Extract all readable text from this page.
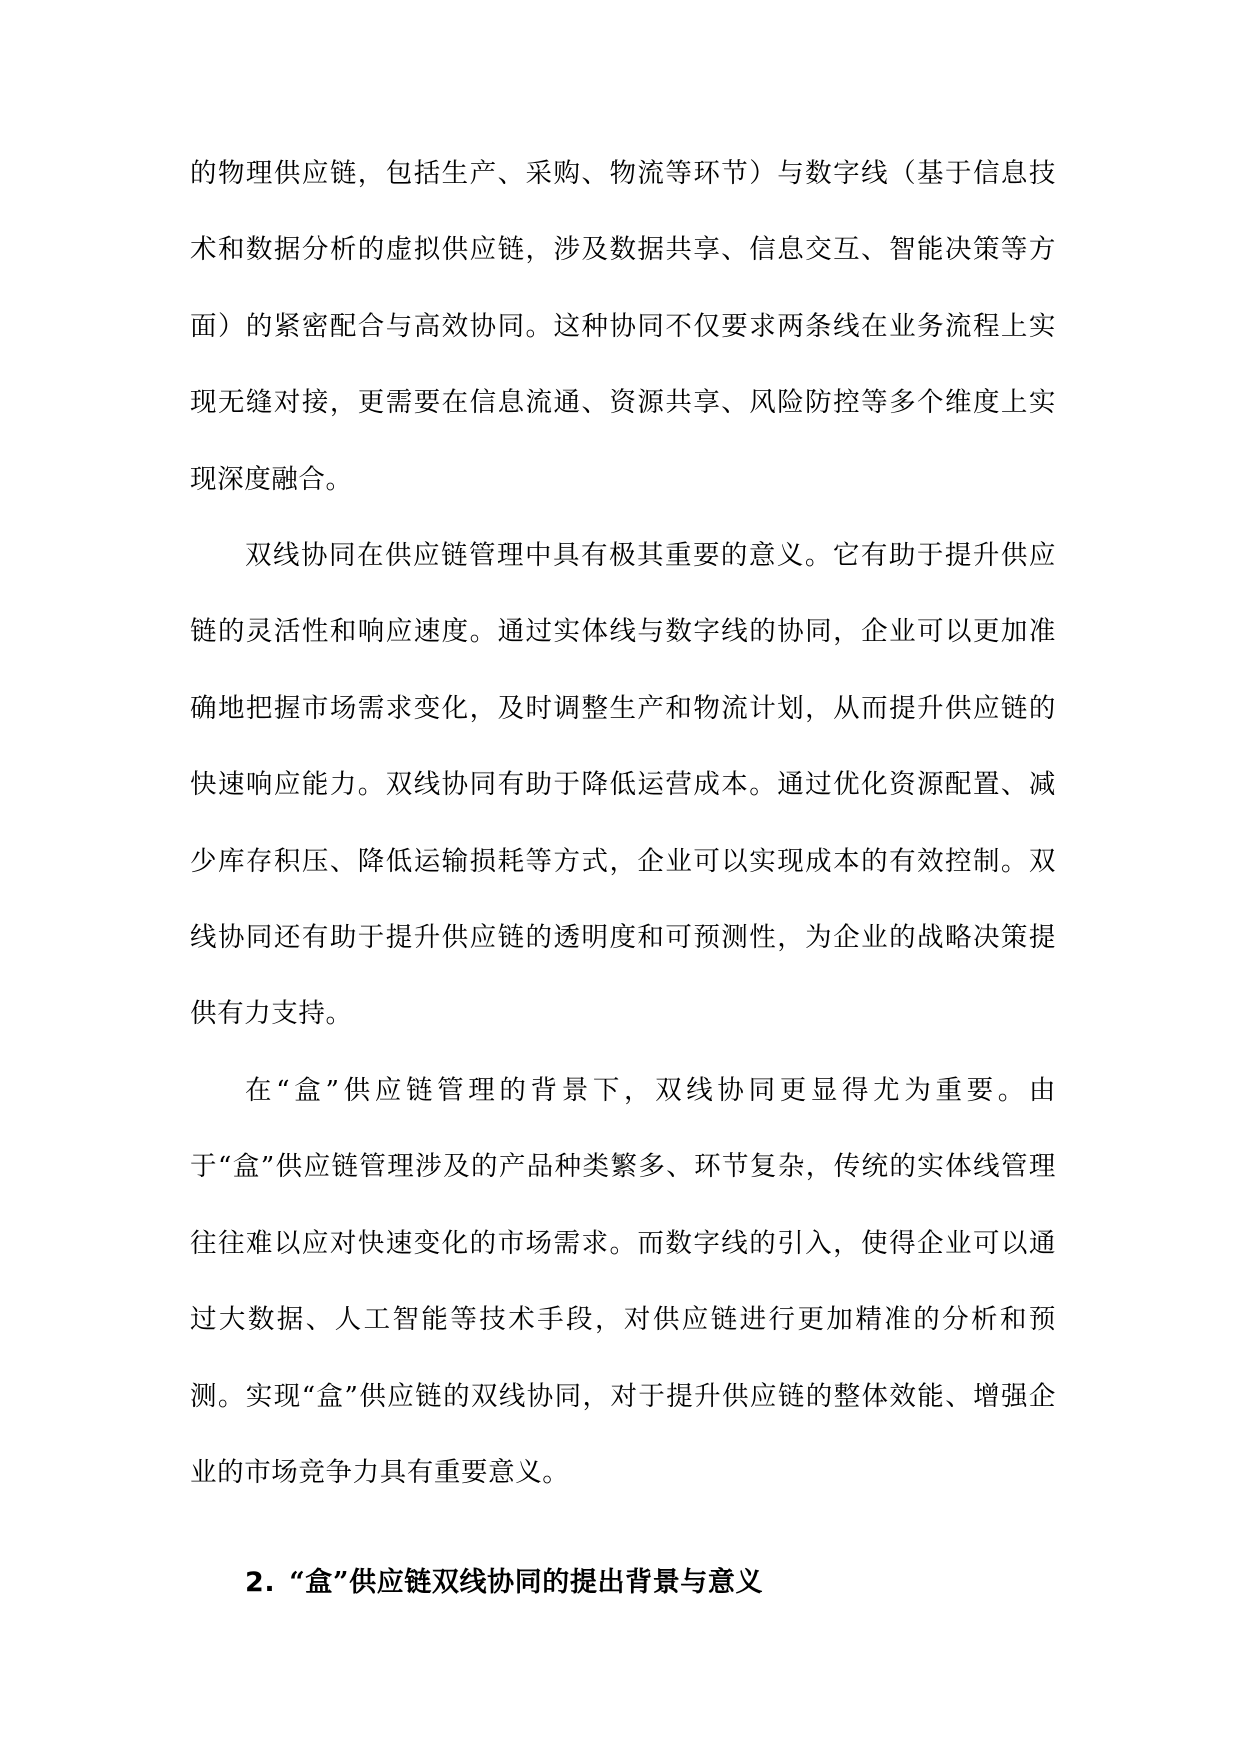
的物理供应链，包括生产、采购、物流等环节）与数字线（基于信息技术和数据分析的虚拟供应链，涉及数据共享、信息交互、智能决策等方面）的紧密配合与高效协同。这种协同不仅要求两条线在业务流程上实现无缝对接，更需要在信息流通、资源共享、风险防控等多个维度上实现深度融合。

双线协同在供应链管理中具有极其重要的意义。它有助于提升供应链的灵活性和响应速度。通过实体线与数字线的协同，企业可以更加准确地把握市场需求变化，及时调整生产和物流计划，从而提升供应链的快速响应能力。双线协同有助于降低运营成本。通过优化资源配置、减少库存积压、降低运输损耗等方式，企业可以实现成本的有效控制。双线协同还有助于提升供应链的透明度和可预测性，为企业的战略决策提供有力支持。

在“盒”供应链管理的背景下，双线协同更显得尤为重要。由于“盒”供应链管理涉及的产品种类繁多、环节复杂，传统的实体线管理往往难以应对快速变化的市场需求。而数字线的引入，使得企业可以通过大数据、人工智能等技术手段，对供应链进行更加精准的分析和预测。实现“盒”供应链的双线协同，对于提升供应链的整体效能、增强企业的市场竞争力具有重要意义。

2. “盒”供应链双线协同的提出背景与意义
